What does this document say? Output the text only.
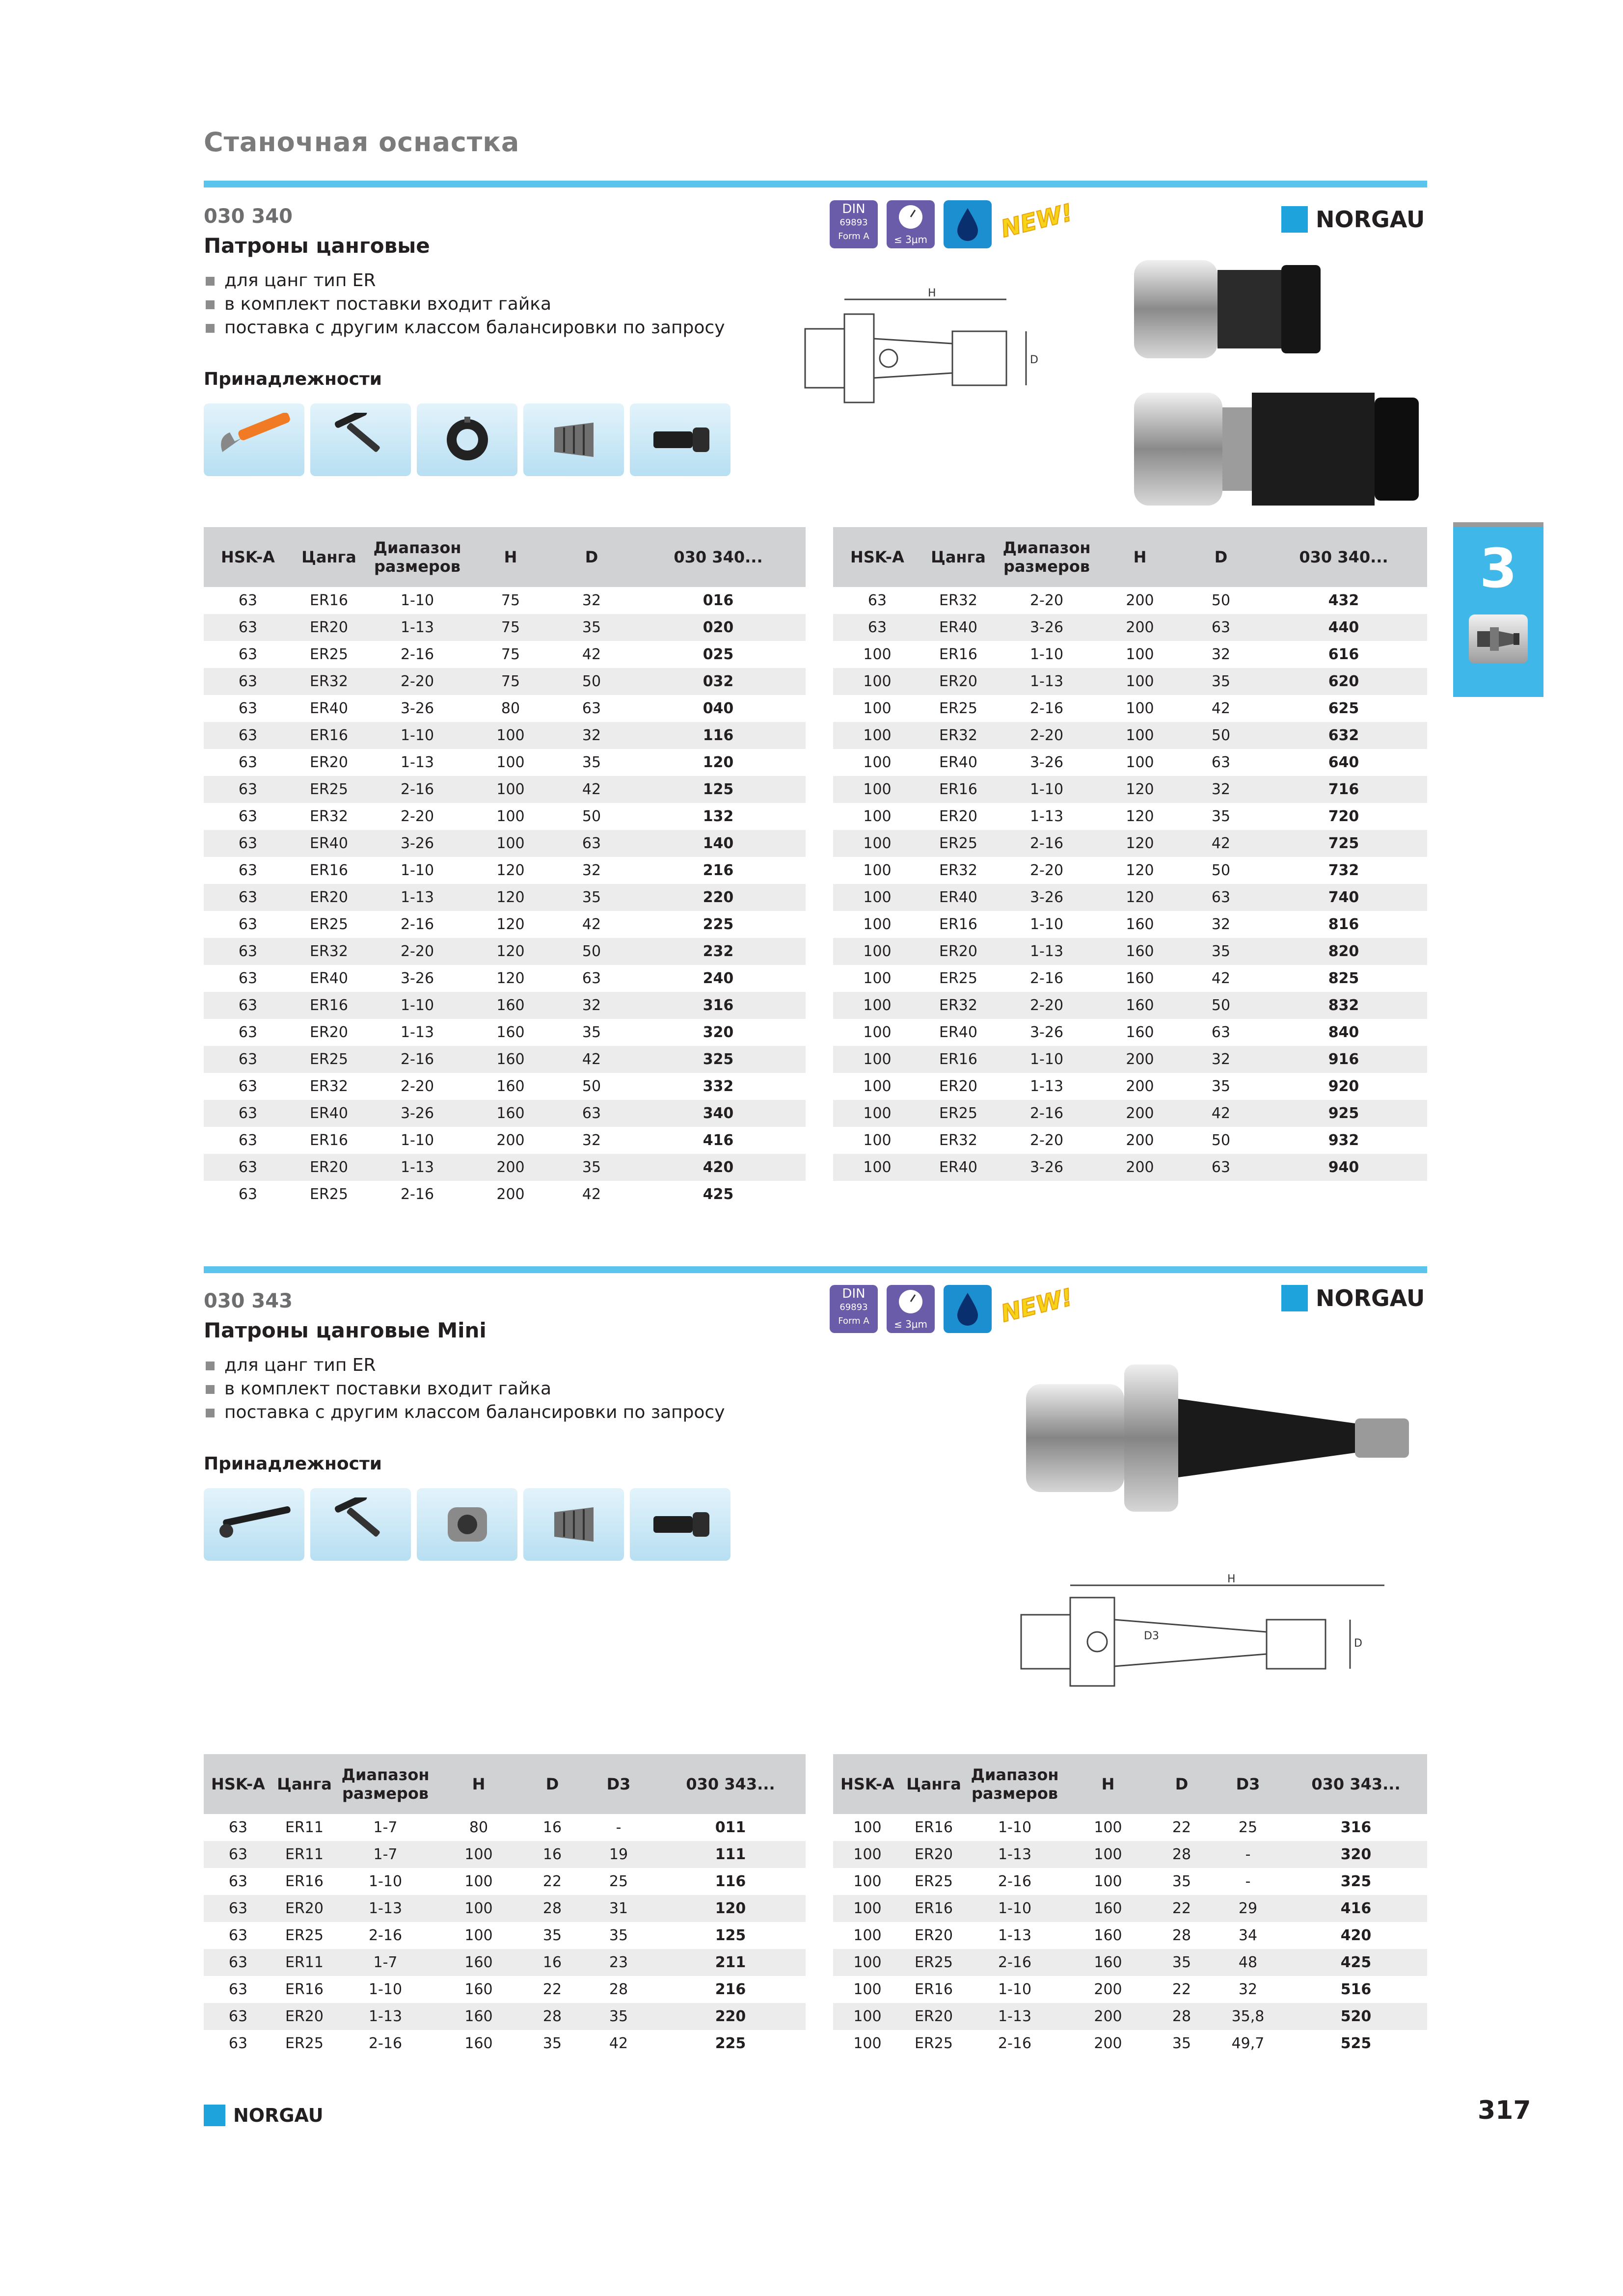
Станочная оснастка
3
030 340
Патроны цанговые
для цанг тип ER
в комплект поставки входит гайка
поставка с другим классом балансировки по запросу
Принадлежности
DIN
69893
Form A	≤ 3μm	NEW!	NORGAU
H
D
HSK-A	Цанга	Диапазон размеров	H	D	030 340...
63	ER16	1-10	75	32	016
63	ER20	1-13	75	35	020
63	ER25	2-16	75	42	025
63	ER32	2-20	75	50	032
63	ER40	3-26	80	63	040
63	ER16	1-10	100	32	116
63	ER20	1-13	100	35	120
63	ER25	2-16	100	42	125
63	ER32	2-20	100	50	132
63	ER40	3-26	100	63	140
63	ER16	1-10	120	32	216
63	ER20	1-13	120	35	220
63	ER25	2-16	120	42	225
63	ER32	2-20	120	50	232
63	ER40	3-26	120	63	240
63	ER16	1-10	160	32	316
63	ER20	1-13	160	35	320
63	ER25	2-16	160	42	325
63	ER32	2-20	160	50	332
63	ER40	3-26	160	63	340
63	ER16	1-10	200	32	416
63	ER20	1-13	200	35	420
63	ER25	2-16	200	42	425
HSK-A	Цанга	Диапазон размеров	H	D	030 340...
63	ER32	2-20	200	50	432
63	ER40	3-26	200	63	440
100	ER16	1-10	100	32	616
100	ER20	1-13	100	35	620
100	ER25	2-16	100	42	625
100	ER32	2-20	100	50	632
100	ER40	3-26	100	63	640
100	ER16	1-10	120	32	716
100	ER20	1-13	120	35	720
100	ER25	2-16	120	42	725
100	ER32	2-20	120	50	732
100	ER40	3-26	120	63	740
100	ER16	1-10	160	32	816
100	ER20	1-13	160	35	820
100	ER25	2-16	160	42	825
100	ER32	2-20	160	50	832
100	ER40	3-26	160	63	840
100	ER16	1-10	200	32	916
100	ER20	1-13	200	35	920
100	ER25	2-16	200	42	925
100	ER32	2-20	200	50	932
100	ER40	3-26	200	63	940
030 343
Патроны цанговые Mini
для цанг тип ER
в комплект поставки входит гайка
поставка с другим классом балансировки по запросу
Принадлежности
DIN
69893
Form A	≤ 3μm	NEW!	NORGAU
H
D
D3
HSK-A	Цанга	Диапазон размеров	H	D	D3	030 343...
63	ER11	1-7	80	16	-	011
63	ER11	1-7	100	16	19	111
63	ER16	1-10	100	22	25	116
63	ER20	1-13	100	28	31	120
63	ER25	2-16	100	35	35	125
63	ER11	1-7	160	16	23	211
63	ER16	1-10	160	22	28	216
63	ER20	1-13	160	28	35	220
63	ER25	2-16	160	35	42	225
HSK-A	Цанга	Диапазон размеров	H	D	D3	030 343...
100	ER16	1-10	100	22	25	316
100	ER20	1-13	100	28	-	320
100	ER25	2-16	100	35	-	325
100	ER16	1-10	160	22	29	416
100	ER20	1-13	160	28	34	420
100	ER25	2-16	160	35	48	425
100	ER16	1-10	200	22	32	516
100	ER20	1-13	200	28	35,8	520
100	ER25	2-16	200	35	49,7	525
NORGAU	317
